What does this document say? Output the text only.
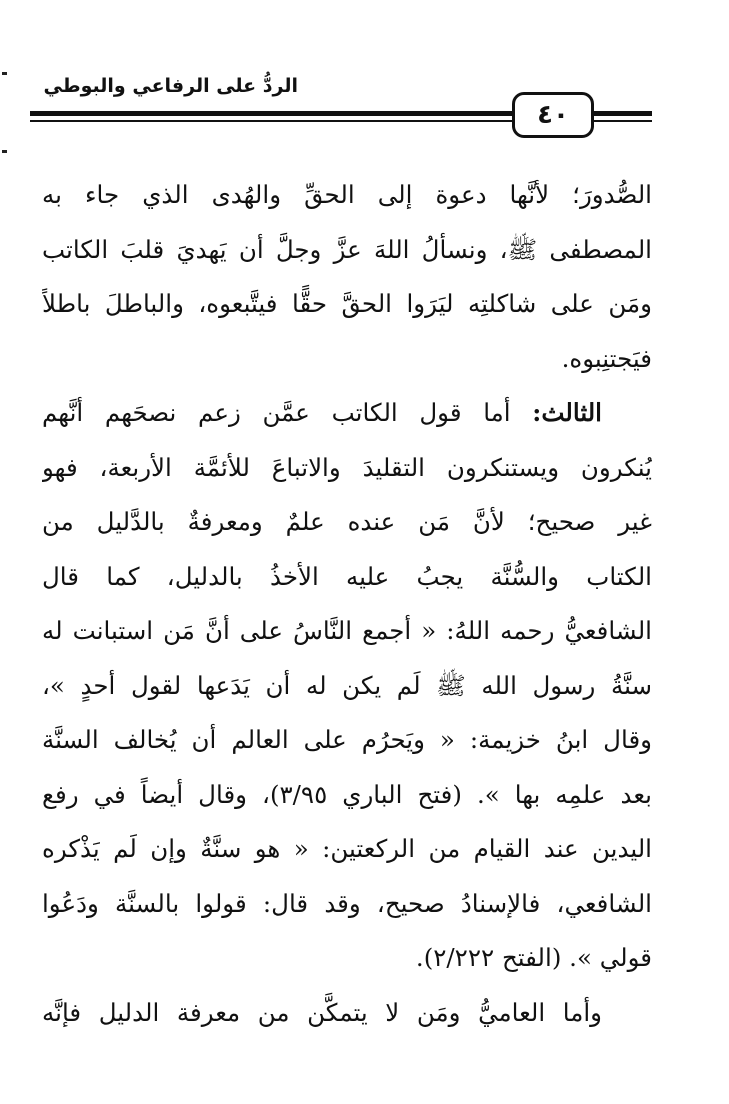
الردُّ على الرفاعي والبوطي
٤٠
الصُّدورَ؛ لأنَّها دعوة إلى الحقِّ والهُدى الذي جاء به
المصطفى ﷺ، ونسألُ اللهَ عزَّ وجلَّ أن يَهديَ قلبَ الكاتب
ومَن على شاكلتِه ليَرَوا الحقَّ حقًّا فيتَّبعوه، والباطلَ باطلاً
فيَجتنِبوه.
الثالث: أما قول الكاتب عمَّن زعم نصحَهم أنَّهم
يُنكرون ويستنكرون التقليدَ والاتباعَ للأئمَّة الأربعة، فهو
غير صحيح؛ لأنَّ مَن عنده علمٌ ومعرفةٌ بالدَّليل من
الكتاب والسُّنَّة يجبُ عليه الأخذُ بالدليل، كما قال
الشافعيُّ رحمه اللهُ: « أجمع النَّاسُ على أنَّ مَن استبانت له
سنَّةُ رسول الله ﷺ لَم يكن له أن يَدَعها لقول أحدٍ »،
وقال ابنُ خزيمة: « ويَحرُم على العالم أن يُخالف السنَّة
بعد علمِه بها ». (فتح الباري ٣/٩٥)، وقال أيضاً في رفع
اليدين عند القيام من الركعتين: « هو سنَّةٌ وإن لَم يَذْكره
الشافعي، فالإسنادُ صحيح، وقد قال: قولوا بالسنَّة ودَعُوا
قولي ». (الفتح ٢/٢٢٢).
وأما العاميُّ ومَن لا يتمكَّن من معرفة الدليل فإنَّه
